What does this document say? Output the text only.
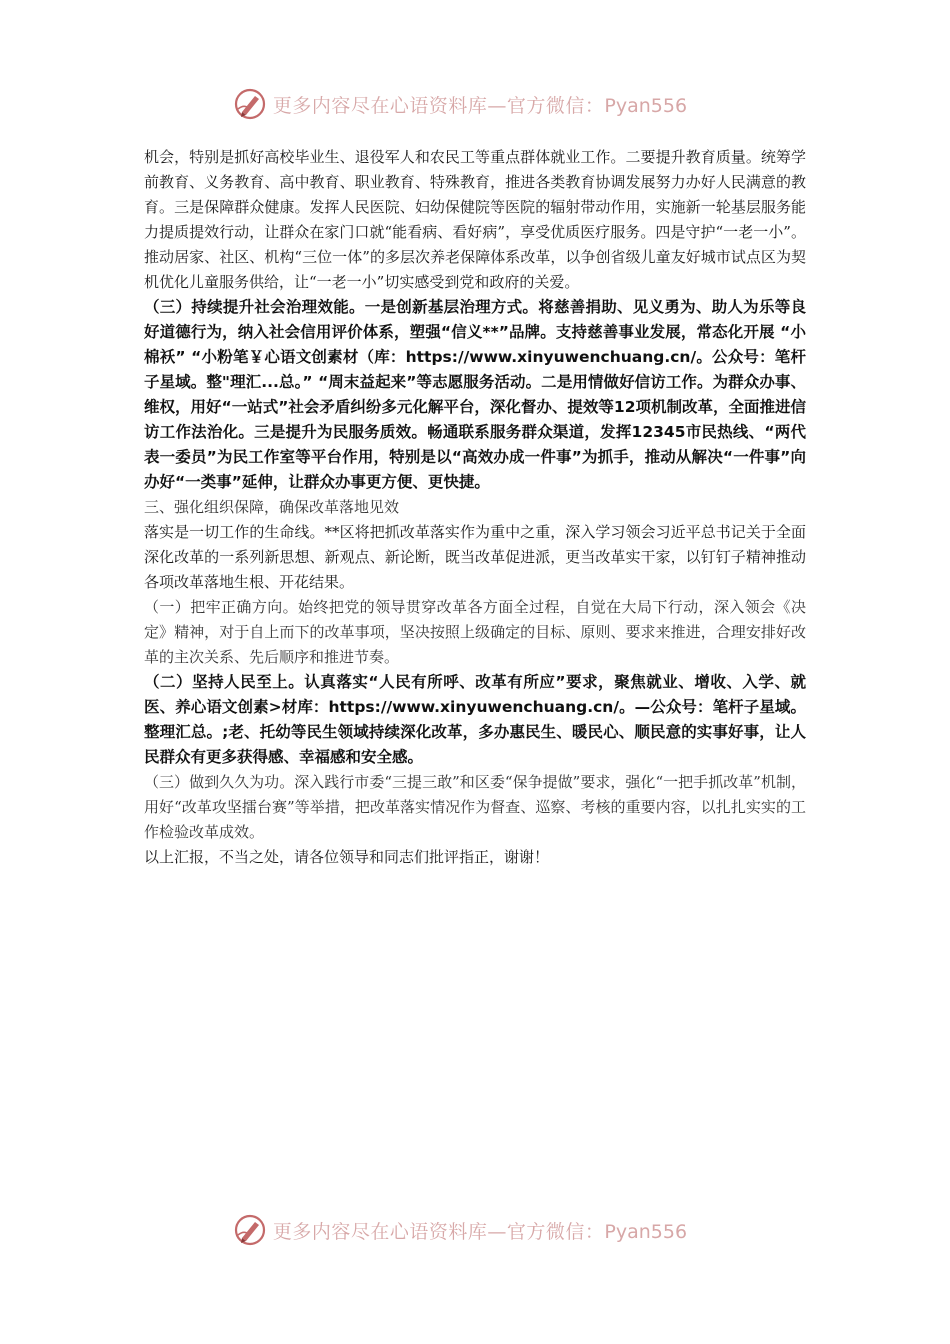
更多内容尽在心语资料库—官方微信：Pyan556

机会，特别是抓好高校毕业生、退役军人和农民工等重点群体就业工作。二要提升教育质量。统筹学前教育、义务教育、高中教育、职业教育、特殊教育，推进各类教育协调发展努力办好人民满意的教育。三是保障群众健康。发挥人民医院、妇幼保健院等医院的辐射带动作用，实施新一轮基层服务能力提质提效行动，让群众在家门口就“能看病、看好病”，享受优质医疗服务。四是守护“一老一小”。推动居家、社区、机构“三位一体”的多层次养老保障体系改革，以争创省级儿童友好城市试点区为契机优化儿童服务供给，让“一老一小”切实感受到党和政府的关爱。

（三）持续提升社会治理效能。一是创新基层治理方式。将慈善捐助、见义勇为、助人为乐等良好道德行为，纳入社会信用评价体系，塑强“信义**”品牌。支持慈善事业发展，常态化开展 “小棉袄” “小粉笔￥心语文创素材（库：https://www.xinyuwenchuang.cn/。公众号：笔杆子星域。整"理汇...总。” “周末益起来”等志愿服务活动。二是用情做好信访工作。为群众办事、维权，用好“一站式”社会矛盾纠纷多元化解平台，深化督办、提效等12项机制改革，全面推进信访工作法治化。三是提升为民服务质效。畅通联系服务群众渠道，发挥12345市民热线、“两代表一委员”为民工作室等平台作用，特别是以“高效办成一件事”为抓手，推动从解决“一件事”向办好“一类事”延伸，让群众办事更方便、更快捷。

三、强化组织保障，确保改革落地见效

落实是一切工作的生命线。**区将把抓改革落实作为重中之重，深入学习领会习近平总书记关于全面深化改革的一系列新思想、新观点、新论断，既当改革促进派，更当改革实干家，以钉钉子精神推动各项改革落地生根、开花结果。

（一）把牢正确方向。始终把党的领导贯穿改革各方面全过程，自觉在大局下行动，深入领会《决定》精神，对于自上而下的改革事项，坚决按照上级确定的目标、原则、要求来推进，合理安排好改革的主次关系、先后顺序和推进节奏。

（二）坚持人民至上。认真落实“人民有所呼、改革有所应”要求，聚焦就业、增收、入学、就医、养心语文创素>材库：https://www.xinyuwenchuang.cn/。—公众号：笔杆子星域。整理汇总。;老、托幼等民生领域持续深化改革，多办惠民生、暖民心、顺民意的实事好事，让人民群众有更多获得感、幸福感和安全感。

（三）做到久久为功。深入践行市委“三提三敢”和区委“保争提做”要求，强化“一把手抓改革”机制，用好“改革攻坚擂台赛”等举措，把改革落实情况作为督查、巡察、考核的重要内容，以扎扎实实的工作检验改革成效。

以上汇报，不当之处，请各位领导和同志们批评指正，谢谢！

更多内容尽在心语资料库—官方微信：Pyan556
